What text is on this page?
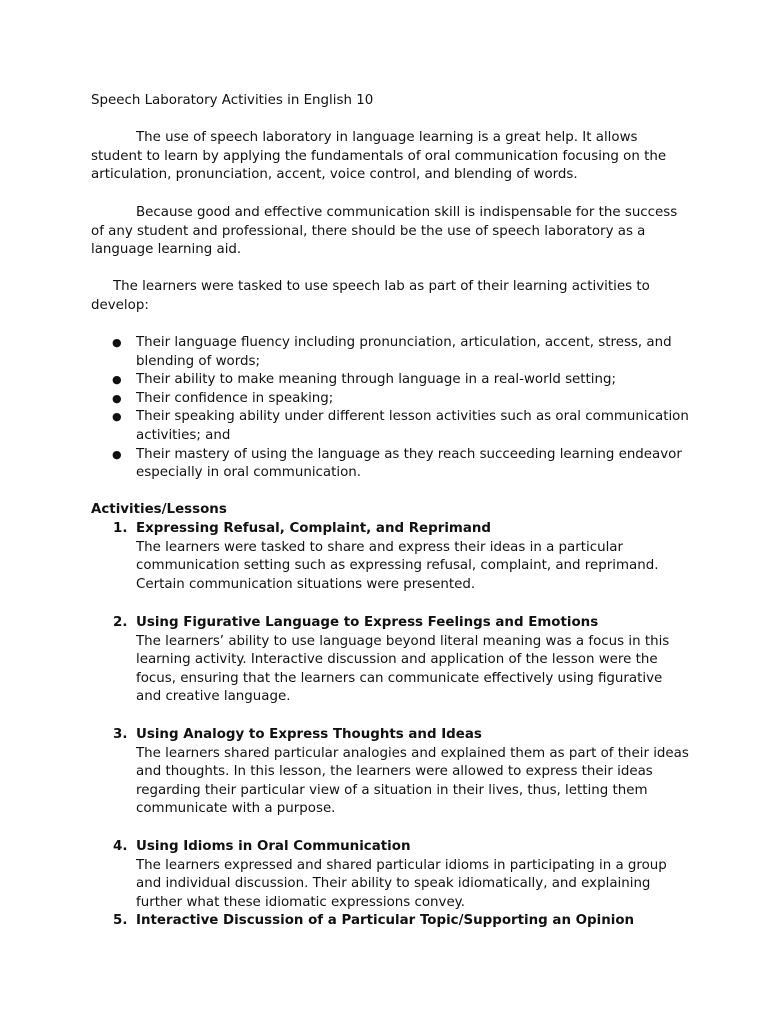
Speech Laboratory Activities in English 10

The use of speech laboratory in language learning is a great help. It allows student to learn by applying the fundamentals of oral communication focusing on the articulation, pronunciation, accent, voice control, and blending of words.

Because good and effective communication skill is indispensable for the success of any student and professional, there should be the use of speech laboratory as a language learning aid.

The learners were tasked to use speech lab as part of their learning activities to develop:

● Their language fluency including pronunciation, articulation, accent, stress, and blending of words;
● Their ability to make meaning through language in a real-world setting;
● Their confidence in speaking;
● Their speaking ability under different lesson activities such as oral communication activities; and
● Their mastery of using the language as they reach succeeding learning endeavor especially in oral communication.

Activities/Lessons

1. Expressing Refusal, Complaint, and Reprimand
The learners were tasked to share and express their ideas in a particular communication setting such as expressing refusal, complaint, and reprimand. Certain communication situations were presented.
2. Using Figurative Language to Express Feelings and Emotions
The learners’ ability to use language beyond literal meaning was a focus in this learning activity. Interactive discussion and application of the lesson were the focus, ensuring that the learners can communicate effectively using figurative and creative language.
3. Using Analogy to Express Thoughts and Ideas
The learners shared particular analogies and explained them as part of their ideas and thoughts. In this lesson, the learners were allowed to express their ideas regarding their particular view of a situation in their lives, thus, letting them communicate with a purpose.
4. Using Idioms in Oral Communication
The learners expressed and shared particular idioms in participating in a group and individual discussion. Their ability to speak idiomatically, and explaining further what these idiomatic expressions convey.
5. Interactive Discussion of a Particular Topic/Supporting an Opinion
